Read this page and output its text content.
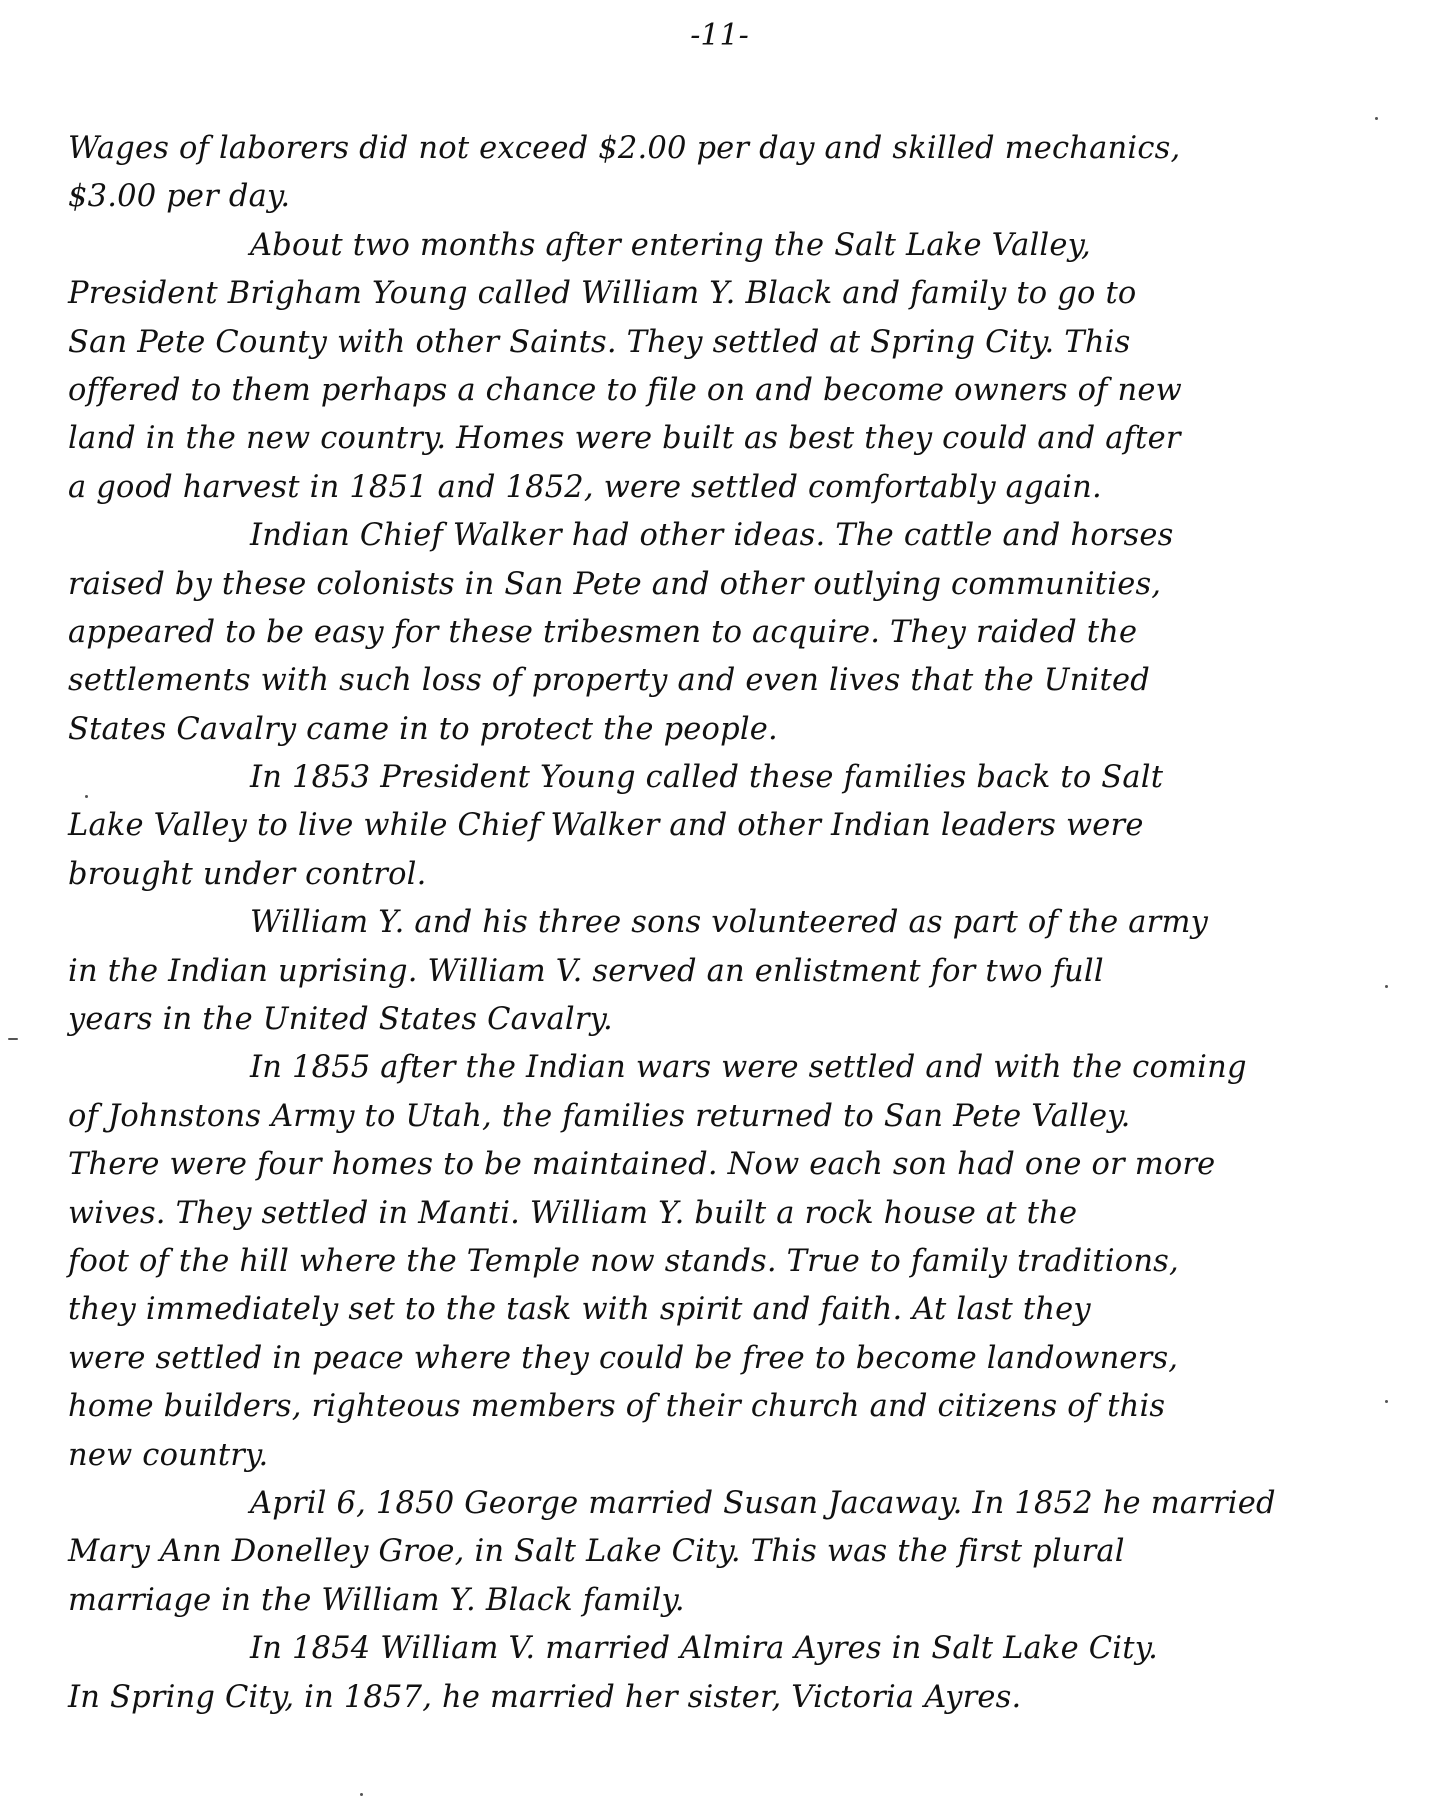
-11-
Wages of laborers did not exceed $2.00 per day and skilled mechanics,
$3.00 per day.
About two months after entering the Salt Lake Valley,
President Brigham Young called William Y. Black and family to go to
San Pete County with other Saints. They settled at Spring City. This
offered to them perhaps a chance to file on and become owners of new
land in the new country. Homes were built as best they could and after
a good harvest in 1851 and 1852, were settled comfortably again.
Indian Chief Walker had other ideas. The cattle and horses
raised by these colonists in San Pete and other outlying communities,
appeared to be easy for these tribesmen to acquire. They raided the
settlements with such loss of property and even lives that the United
States Cavalry came in to protect the people.
In 1853 President Young called these families back to Salt
Lake Valley to live while Chief Walker and other Indian leaders were
brought under control.
William Y. and his three sons volunteered as part of the army
in the Indian uprising. William V. served an enlistment for two full
years in the United States Cavalry.
In 1855 after the Indian wars were settled and with the coming
of Johnstons Army to Utah, the families returned to San Pete Valley.
There were four homes to be maintained. Now each son had one or more
wives. They settled in Manti. William Y. built a rock house at the
foot of the hill where the Temple now stands. True to family traditions,
they immediately set to the task with spirit and faith. At last they
were settled in peace where they could be free to become landowners,
home builders, righteous members of their church and citizens of this
new country.
April 6, 1850 George married Susan Jacaway. In 1852 he married
Mary Ann Donelley Groe, in Salt Lake City. This was the first plural
marriage in the William Y. Black family.
In 1854 William V. married Almira Ayres in Salt Lake City.
In Spring City, in 1857, he married her sister, Victoria Ayres.
